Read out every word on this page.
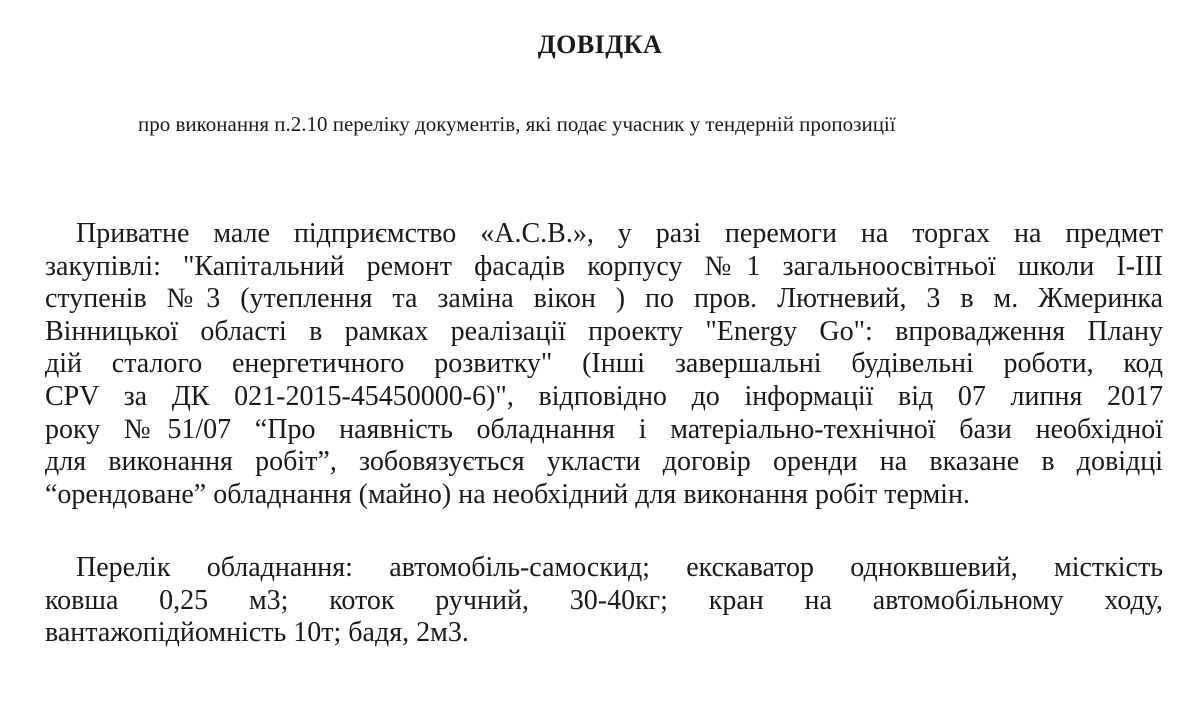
ДОВІДКА

про виконання п.2.10 переліку документів, які подає учасник у тендерній пропозиції

Приватне мале підприємство «А.С.В.», у разі перемоги на торгах на предмет
закупівлі: "Капітальний ремонт фасадів корпусу №1 загальноосвітньої школи І-ІІІ
ступенів №3 (утеплення та заміна вікон ) по пров. Лютневий, 3 в м. Жмеринка
Вінницької області в рамках реалізації проекту "Energy Go": впровадження Плану
дій сталого енергетичного розвитку" (Інші завершальні будівельні роботи, код
CPV за ДК 021-2015-45450000-6)", відповідно до інформації від 07 липня 2017
року №51/07 “Про наявність обладнання і матеріально-технічної бази необхідної
для виконання робіт”, зобовязується укласти договір оренди на вказане в довідці
“орендоване” обладнання (майно) на необхідний для виконання робіт термін.

Перелік обладнання: автомобіль-самоскид; екскаватор одноквшевий, місткість
ковша 0,25 м3; коток ручний, 30-40кг; кран на автомобільному ходу,
вантажопідйомність 10т; бадя, 2м3.
